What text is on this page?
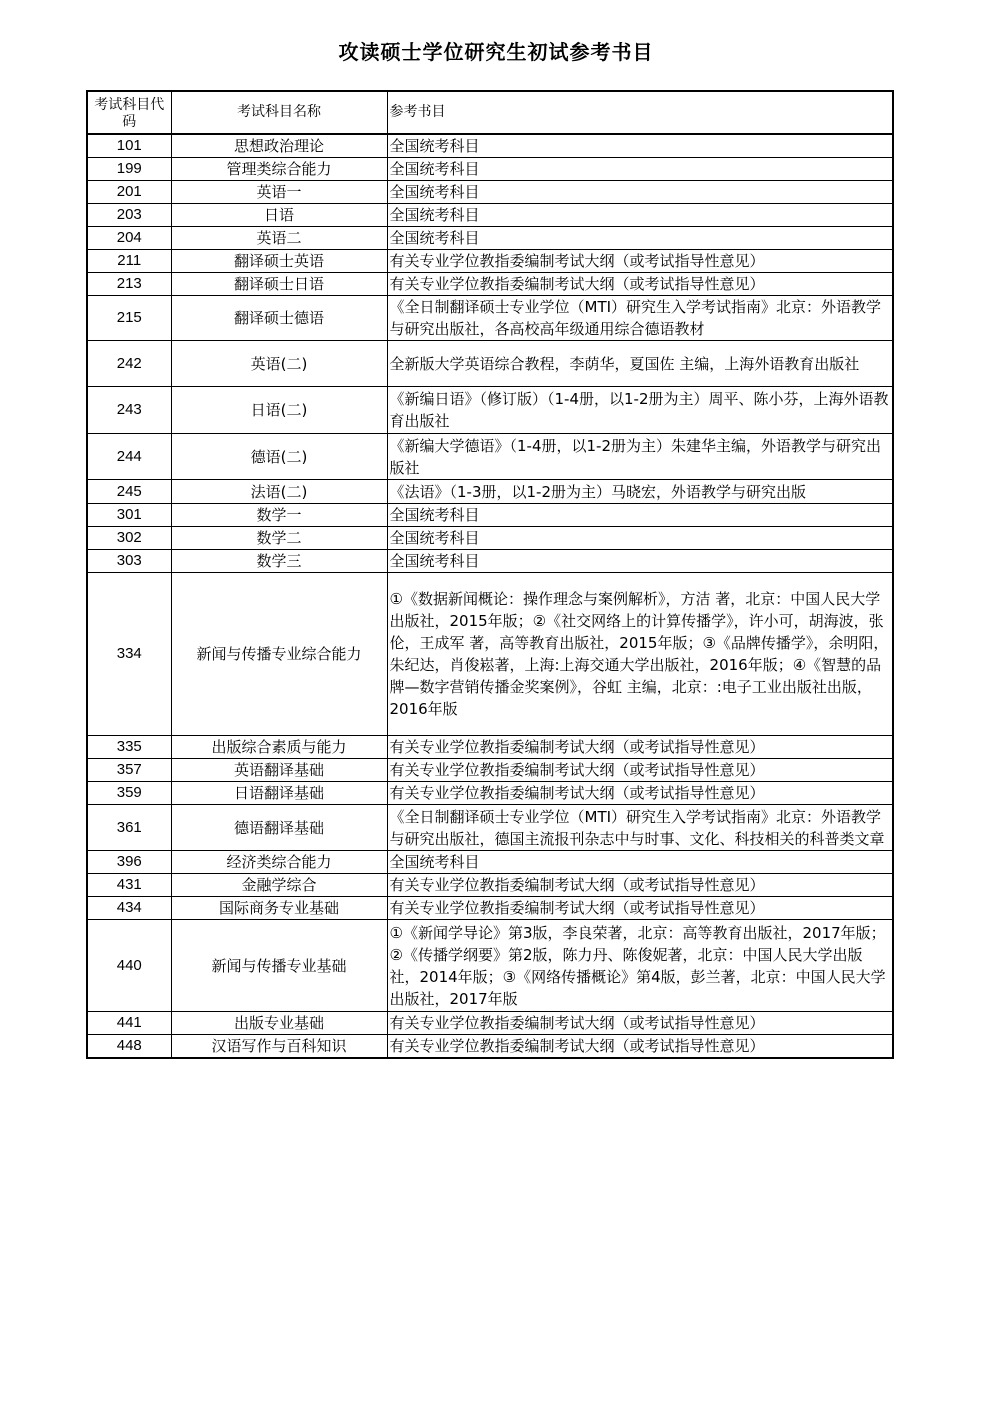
攻读硕士学位研究生初试参考书目
考试科目代码	考试科目名称	参考书目
101	思想政治理论	全国统考科目
199	管理类综合能力	全国统考科目
201	英语一	全国统考科目
203	日语	全国统考科目
204	英语二	全国统考科目
211	翻译硕士英语	有关专业学位教指委编制考试大纲（或考试指导性意见）
213	翻译硕士日语	有关专业学位教指委编制考试大纲（或考试指导性意见）
215	翻译硕士德语	《全日制翻译硕士专业学位（MTI）研究生入学考试指南》北京：外语教学与研究出版社，各高校高年级通用综合德语教材
242	英语(二)	全新版大学英语综合教程，李荫华，夏国佐 主编，上海外语教育出版社
243	日语(二)	《新编日语》（修订版）（1-4册，以1-2册为主）周平、陈小芬，上海外语教育出版社
244	德语(二)	《新编大学德语》（1-4册，以1-2册为主）朱建华主编，外语教学与研究出版社
245	法语(二)	《法语》（1-3册，以1-2册为主）马晓宏，外语教学与研究出版
301	数学一	全国统考科目
302	数学二	全国统考科目
303	数学三	全国统考科目
334	新闻与传播专业综合能力	①《数据新闻概论：操作理念与案例解析》，方洁 著，北京：中国人民大学出版社，2015年版；②《社交网络上的计算传播学》，许小可，胡海波，张伦，王成军 著，高等教育出版社，2015年版；③《品牌传播学》，余明阳，朱纪达，肖俊崧著，上海:上海交通大学出版社，2016年版；④《智慧的品牌—数字营销传播金奖案例》，谷虹 主编，北京：:电子工业出版社出版，2016年版
335	出版综合素质与能力	有关专业学位教指委编制考试大纲（或考试指导性意见）
357	英语翻译基础	有关专业学位教指委编制考试大纲（或考试指导性意见）
359	日语翻译基础	有关专业学位教指委编制考试大纲（或考试指导性意见）
361	德语翻译基础	《全日制翻译硕士专业学位（MTI）研究生入学考试指南》北京：外语教学与研究出版社，德国主流报刊杂志中与时事、文化、科技相关的科普类文章
396	经济类综合能力	全国统考科目
431	金融学综合	有关专业学位教指委编制考试大纲（或考试指导性意见）
434	国际商务专业基础	有关专业学位教指委编制考试大纲（或考试指导性意见）
440	新闻与传播专业基础	①《新闻学导论》第3版，李良荣著，北京：高等教育出版社，2017年版；②《传播学纲要》第2版，陈力丹、陈俊妮著，北京：中国人民大学出版社，2014年版；③《网络传播概论》第4版，彭兰著，北京：中国人民大学出版社，2017年版
441	出版专业基础	有关专业学位教指委编制考试大纲（或考试指导性意见）
448	汉语写作与百科知识	有关专业学位教指委编制考试大纲（或考试指导性意见）
